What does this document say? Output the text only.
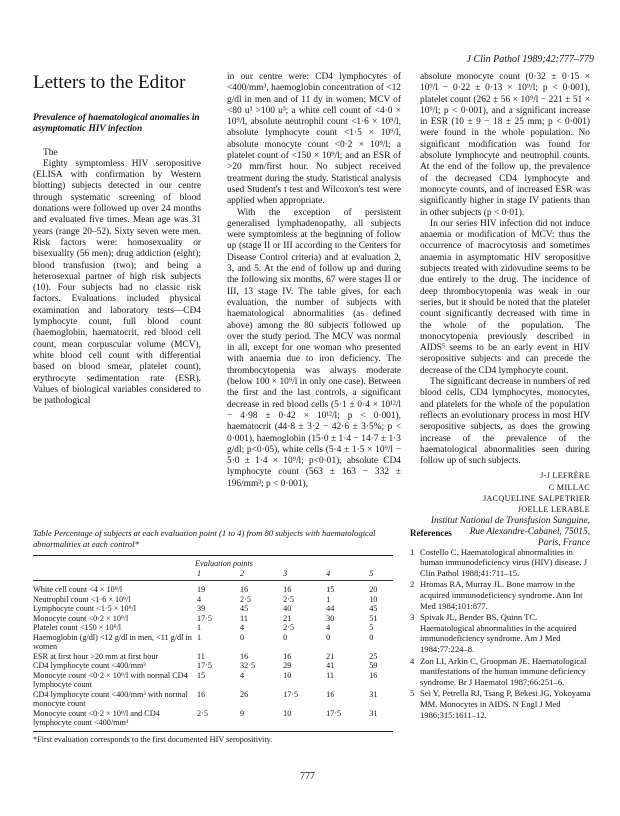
J Clin Pathol 1989;42:777–779
Letters to the Editor

Prevalence of haematological anomalies in asymptomatic HIV infection

The

Eighty symptomless HIV seropositive (ELISA with confirmation by Western blotting) subjects detected in our centre through systematic screening of blood donations were followed up over 24 months and evaluated five times. Mean age was 31 years (range 20–52). Sixty seven were men. Risk factors were: homosexuality or bisexuality (56 men); drug addiction (eight); blood transfusion (two); and being a heterosexual partner of high risk subjects (10). Four subjects had no classic risk factors. Evaluations included physical examination and laboratory tests—CD4 lymphocyte count, full blood count (haemoglobin, haematocrit, red blood cell count, mean corpuscular volume (MCV), white blood cell count with differential based on blood smear, platelet count), erythrocyte sedimentation rate (ESR). Values of biological variables considered to be pathological

in our centre were: CD4 lymphocytes of <400/mm³, haemoglobin concentration of <12 g/dl in men and of 11 dy in women; MCV of <80 u³ >100 u³; a white cell count of <4·0 × 10⁹/l, absolute neutrophil count <1·6 × 10⁹/l, absolute lymphocyte count <1·5 × 10⁹/l, absolute monocyte count <0·2 × 10⁹/l; a platelet count of <150 × 10⁹/l; and an ESR of >20 mm/first hour. No subject received treatment during the study. Statistical analysis used Student's t test and Wilcoxon's test were applied when appropriate.

With the exception of persistent generalised lymphadenopathy, all subjects were symptomless at the beginning of follow up (stage II or III according to the Centers for Disease Control criteria) and at evaluation 2, 3, and 5. At the end of follow up and during the following six months, 67 were stages II or III, 13 stage IV. The table gives, for each evaluation, the number of subjects with haematological abnormalities (as defined above) among the 80 subjects followed up over the study period. The MCV was normal in all, except for one woman who presented with anaemia due to iron deficiency. The thrombocytopenia was always moderate (below 100 × 10⁹/l in only one case). Between the first and the last controls, a significant decrease in red blood cells (5·1 ± 0·4 × 10¹²/l − 4·98 ± 0·42 × 10¹²/l; p < 0·001), haematocrit (44·8 ± 3·2 − 42·6 ± 3·5%; p < 0·001), haemoglobin (15·0 ± 1·4 − 14·7 ± 1·3 g/dl; p<0·05), white cells (5·4 ± 1·5 × 10⁹/l − 5·0 ± 1·4 × 10⁹/l; p<0·01), absolute CD4 lymphocyte count (563 ± 163 − 332 ± 196/mm³; p < 0·001),

absolute monocyte count (0·32 ± 0·15 × 10⁹/l − 0·22 ± 0·13 × 10⁹/l; p < 0·001), platelet count (262 ± 56 × 10⁹/l − 221 ± 51 × 10⁹/l; p < 0·001), and a significant increase in ESR (10 ± 9 − 18 ± 25 mm; p < 0·001) were found in the whole population. No significant modification was found for absolute lymphocyte and neutrophil counts. At the end of the follow up, the prevalence of the decreased CD4 lymphocyte and monocyte counts, and of increased ESR was significantly higher in stage IV patients than in other subjects (p < 0·01).

In our series HIV infection did not induce anaemia or modification of MCV: thus the occurrence of macrocytosis and sometimes anaemia in asymptomatic HIV seropositive subjects treated with zidovudine seems to be due entirely to the drug. The incidence of deep thrombocytopenia was weak in our series, but it should be noted that the platelet count significantly decreased with time in the whole of the population. The monocytopenia previously described in AIDS⁵ seems to be an early event in HIV seropositive subjects and can precede the decrease of the CD4 lymphocyte count.

The significant decrease in numbers of red blood cells, CD4 lymphocytes, monocytes, and platelets for the whole of the population reflects an evolutionary process in most HIV seropositive subjects, as does the growing increase of the prevalence of the haematological abnormalities seen during follow up of such subjects.

J-J LEFRÈRE
C MILLAC
JACQUELINE SALPETRIER
JOELLE LERABLE
Institut National de Transfusion Sanguine,
Rue Alexandre-Cabanel, 75015,
Paris, France
Table Percentage of subjects at each evaluation point (1 to 4) from 80 subjects with haematological abnormalities at each control*
	Evaluation points				
	1	2	3	4	5
White cell count <4 × 10⁹/l	19	16	16	15	20
Neutrophil count <1·6 × 10⁹/l	4	2·5	2·5	1	10
Lymphocyte count <1·5 × 10⁹/l	39	45	40	44	45
Monocyte count <0·2 × 10⁹/l	17·5	11	21	30	51
Platelet count <150 × 10⁹/l	1	4	2·5	4	5
Haemoglobin (g/dl) <12 g/dl in men, <11 g/dl in women	1	0	0	0	0
ESR at first hour >20 mm at first hour	11	16	16	21	25
CD4 lymphocyte count <400/mm³	17·5	32·5	29	41	59
Monocyte count <0·2 × 10⁹/l with normal CD4 lymphocyte count	15	4	10	11	16
CD4 lymphocyte count <400/mm³ with normal monocyte count	16	26	17·5	16	31
Monocyte count <0·2 × 10⁹/l and CD4 lymphocyte count <400/mm³	2·5	9	10	17·5	31
*First evaluation corresponds to the first documented HIV seropositivity.
References
1 Costello C. Haematological abnormalities in human immunodeficiency virus (HIV) disease. J Clin Pathol 1988;41:711–15.
2 Hromas RA, Murray JL. Bone marrow in the acquired immunodeficiency syndrome. Ann Int Med 1984;101:877.
3 Spivak JL, Bender BS, Quinn TC. Haematological abnormalities in the acquired immunodeficiency syndrome. Am J Med 1984;77:224–8.
4 Zon LI, Arkin C, Groopman JE. Haematological manifestations of the human immune deficiency syndrome. Br J Haematol 1987;66:251–6.
5 Sei Y, Petrella RJ, Tsang P, Bekesi JG, Yokoyama MM. Monocytes in AIDS. N Engl J Med 1986;315:1611–12.
777
